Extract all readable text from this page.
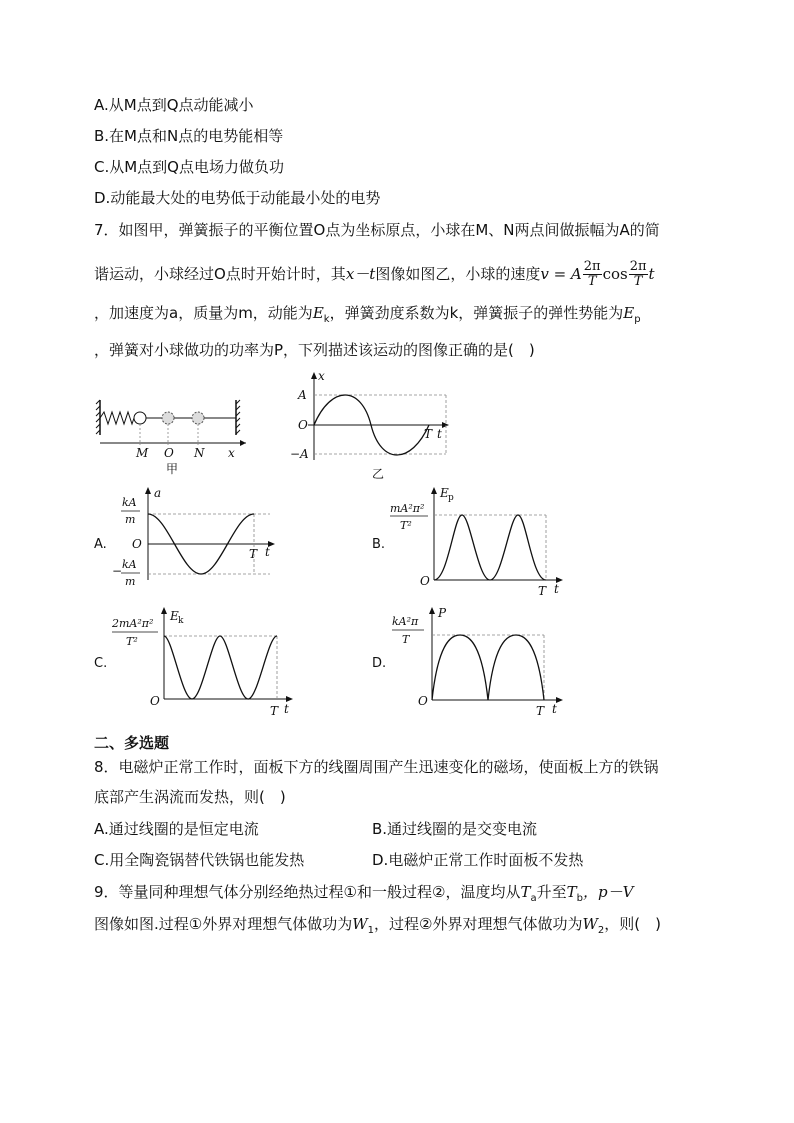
A.从M点到Q点动能减小
B.在M点和N点的电势能相等
C.从M点到Q点电场力做负功
D.动能最大处的电势低于动能最小处的电势
7．如图甲，弹簧振子的平衡位置O点为坐标原点，小球在M、N两点间做振幅为A的简
谐运动，小球经过O点时开始计时，其x－t图像如图乙，小球的速度v = A $\frac{2\pi}{T}$ $\cos \frac{2\pi}{T}$ t
，加速度为a，质量为m，动能为$E_k$，弹簧劲度系数为k，弹簧振子的弹性势能为$E_p$
，弹簧对小球做功的功率为P，下列描述该运动的图像正确的是(　)
M O N x
甲
x
A
O
−A
T t
乙
A.
a
kA
m
O
− kA
m
T t	B.
E p
mA²π²
T²
O
T t
C.
E k
2mA²π²
T²
O
T t
D.
P
kA²π
T
O
T t
二、多选题
8．电磁炉正常工作时，面板下方的线圈周围产生迅速变化的磁场，使面板上方的铁锅
底部产生涡流而发热，则(　)
A.通过线圈的是恒定电流	B.通过线圈的是交变电流
C.用全陶瓷锅替代铁锅也能发热	D.电磁炉正常工作时面板不发热
9．等量同种理想气体分别经绝热过程①和一般过程②，温度均从$T_a$升至$T_b$，p－V
图像如图.过程①外界对理想气体做功为$W_1$，过程②外界对理想气体做功为$W_2$，则(　)
